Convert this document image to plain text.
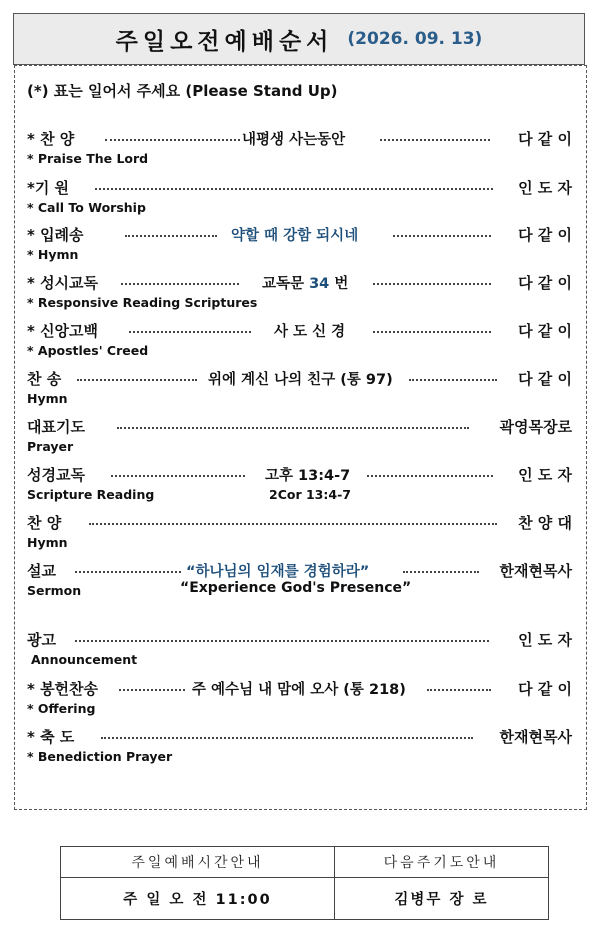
주일오전예배순서 (2026. 09. 13)
(*) 표는 일어서 주세요 (Please Stand Up)
* 찬 양	내평생 사는동안	다 같 이
* Praise The Lord
*기 원	인 도 자
* Call To Worship
* 입례송	약할 때 강함 되시네	다 같 이
* Hymn
* 성시교독	교독문 34 번	다 같 이
* Responsive Reading Scriptures
* 신앙고백	사 도 신 경	다 같 이
* Apostles' Creed
찬 송	위에 계신 나의 친구 (통 97)	다 같 이
Hymn
대표기도	곽영목장로
Prayer
성경교독	고후 13:4-7	인 도 자
Scripture Reading	2Cor 13:4-7
찬 양	찬 양 대
Hymn
설교	“하나님의 임재를 경험하라”	한재현목사
Sermon	“Experience God's Presence”
광고	인 도 자
Announcement
* 봉헌찬송	주 예수님 내 맘에 오사 (통 218)	다 같 이
* Offering
* 축 도	한재현목사
* Benediction Prayer
주일예배시간안내	다음주기도안내
주 일 오 전 11:00	김병무 장 로
